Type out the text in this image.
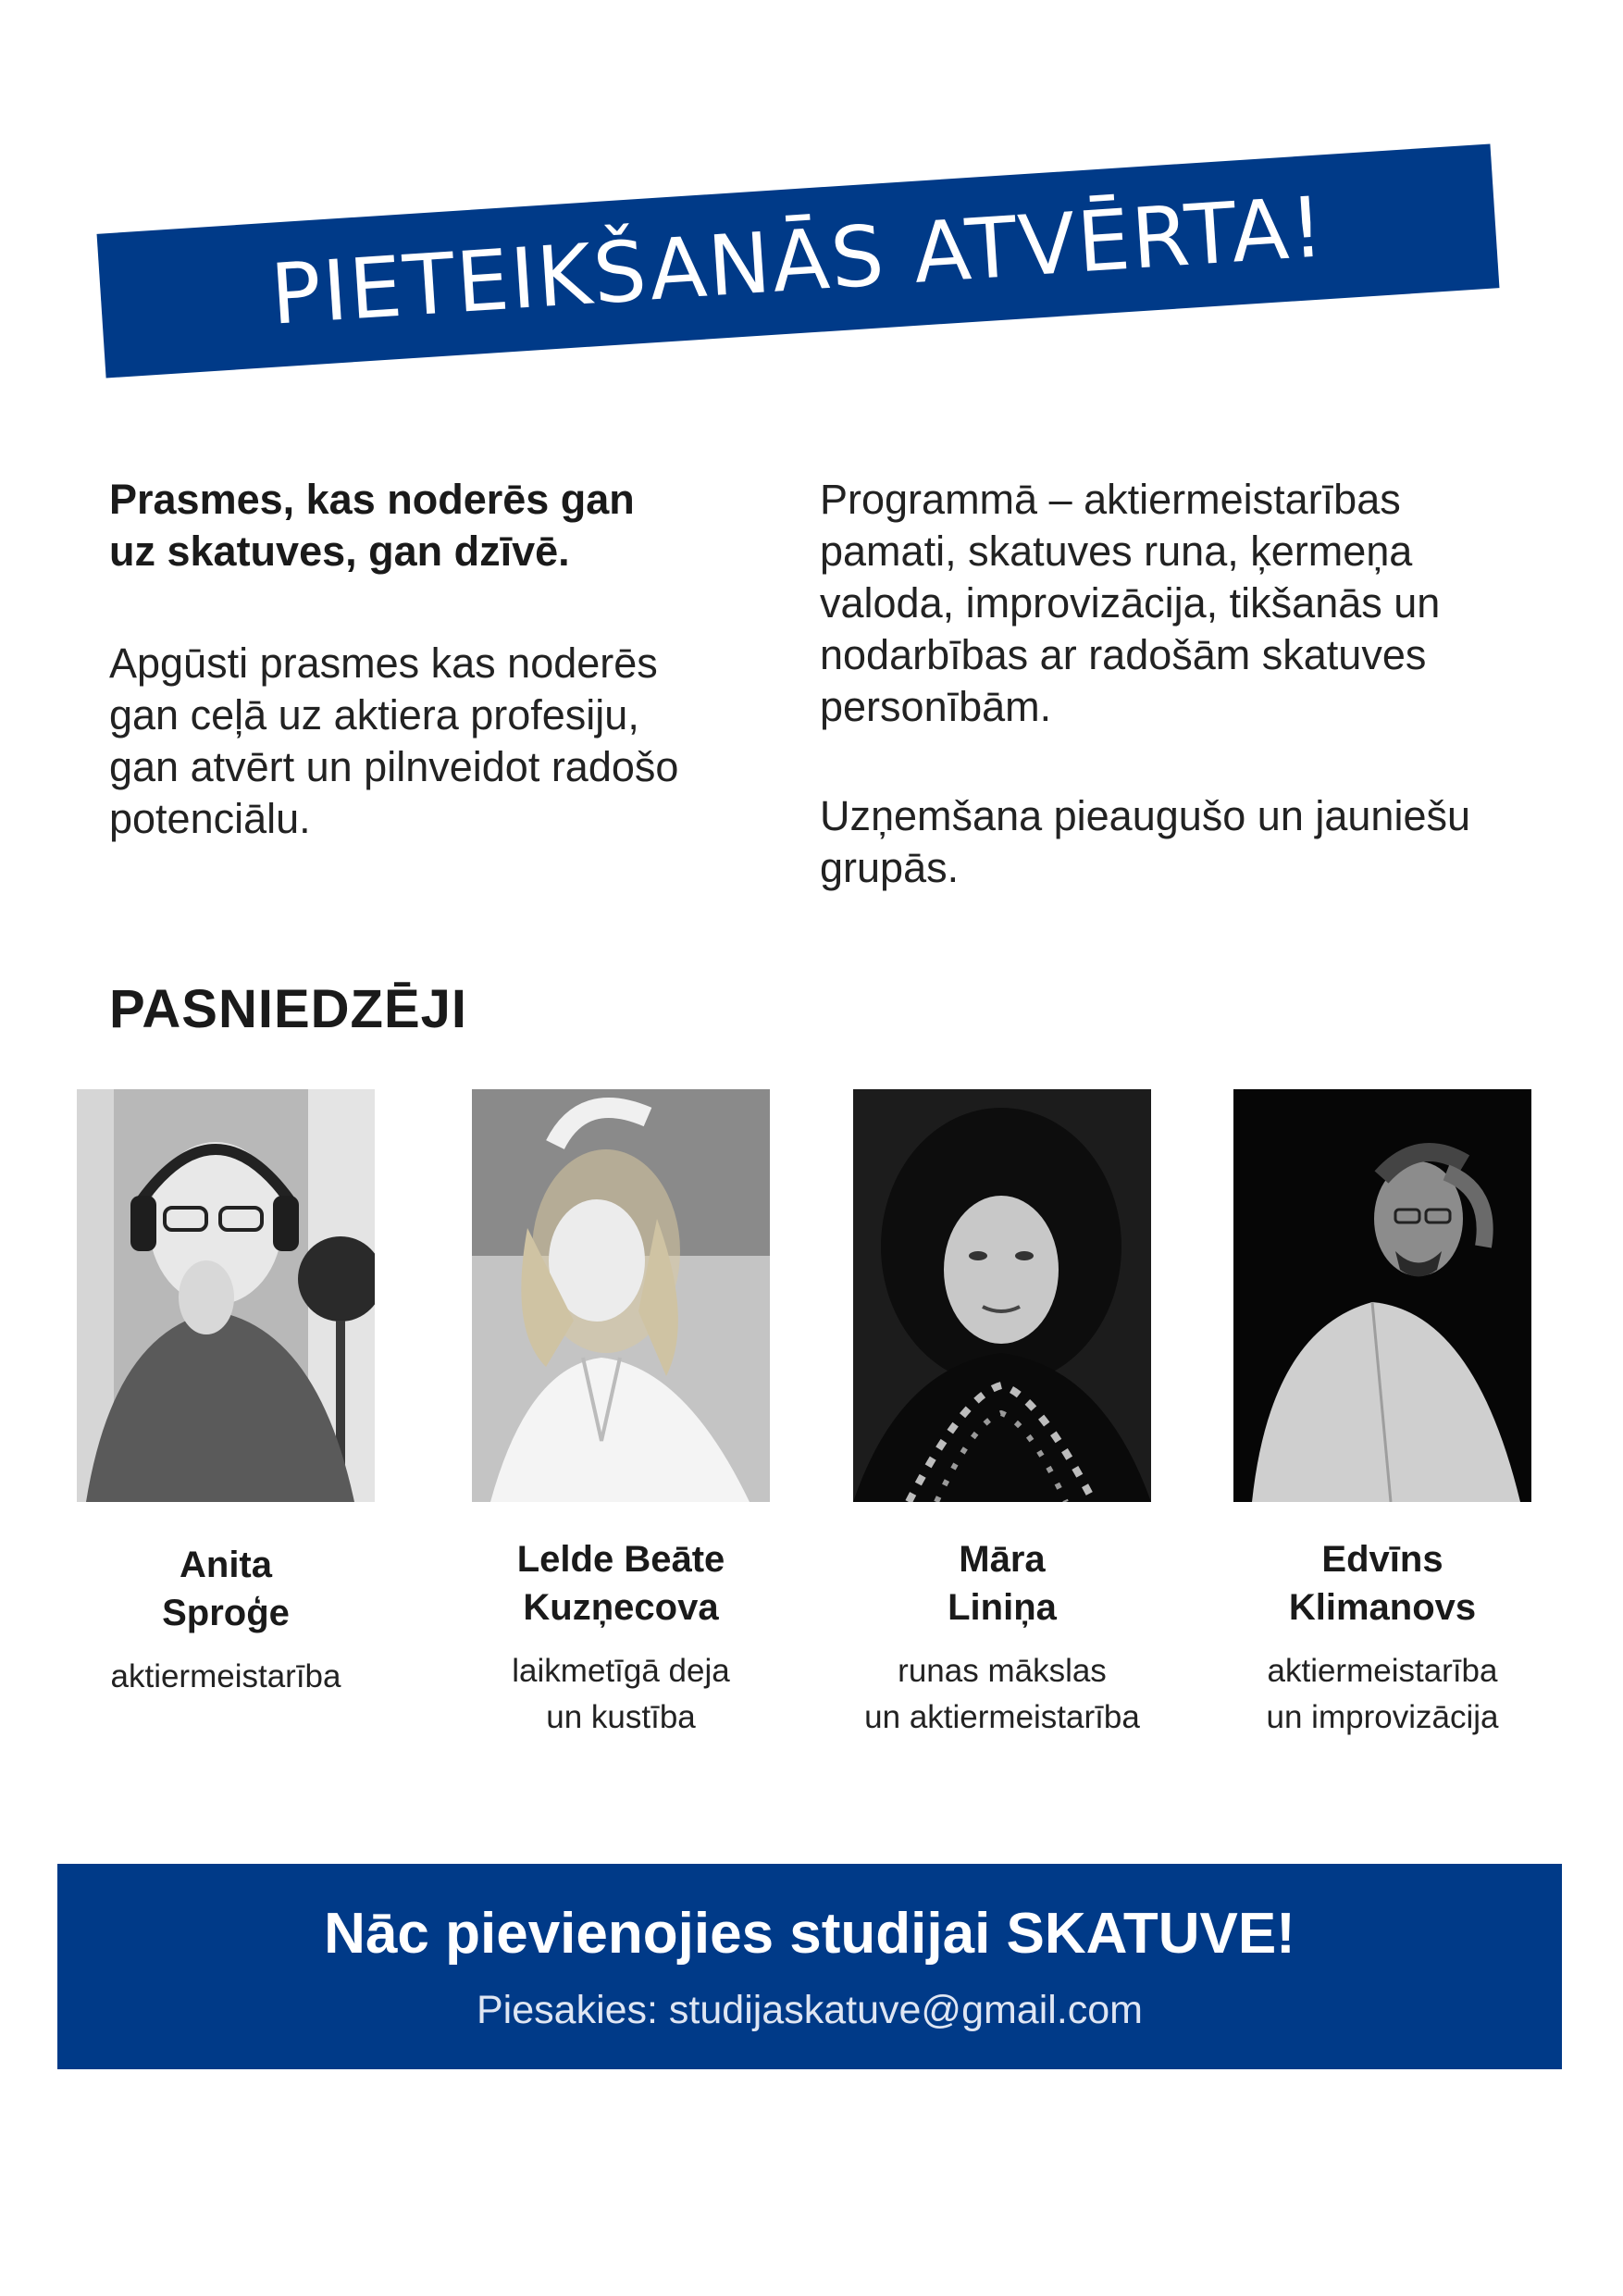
PIETEIKŠANĀS ATVĒRTA!
Prasmes, kas noderēs gan
uz skatuves, gan dzīvē.
Apgūsti prasmes kas noderēs
gan ceļā uz aktiera profesiju,
gan atvērt un pilnveidot radošo
potenciālu.
Programmā – aktiermeistarības
pamati, skatuves runa, ķermeņa
valoda, improvizācija, tikšanās un
nodarbības ar radošām skatuves
personībām.
Uzņemšana pieaugušo un jauniešu
grupās.
PASNIEDZĒJI
Anita
Sproģe
aktiermeistarība
Lelde Beāte
Kuzņecova
laikmetīgā deja
un kustība
Māra
Liniņa
runas mākslas
un aktiermeistarība
Edvīns
Klimanovs
aktiermeistarība
un improvizācija
Nāc pievienojies studijai SKATUVE!
Piesakies: studijaskatuve@gmail.com
